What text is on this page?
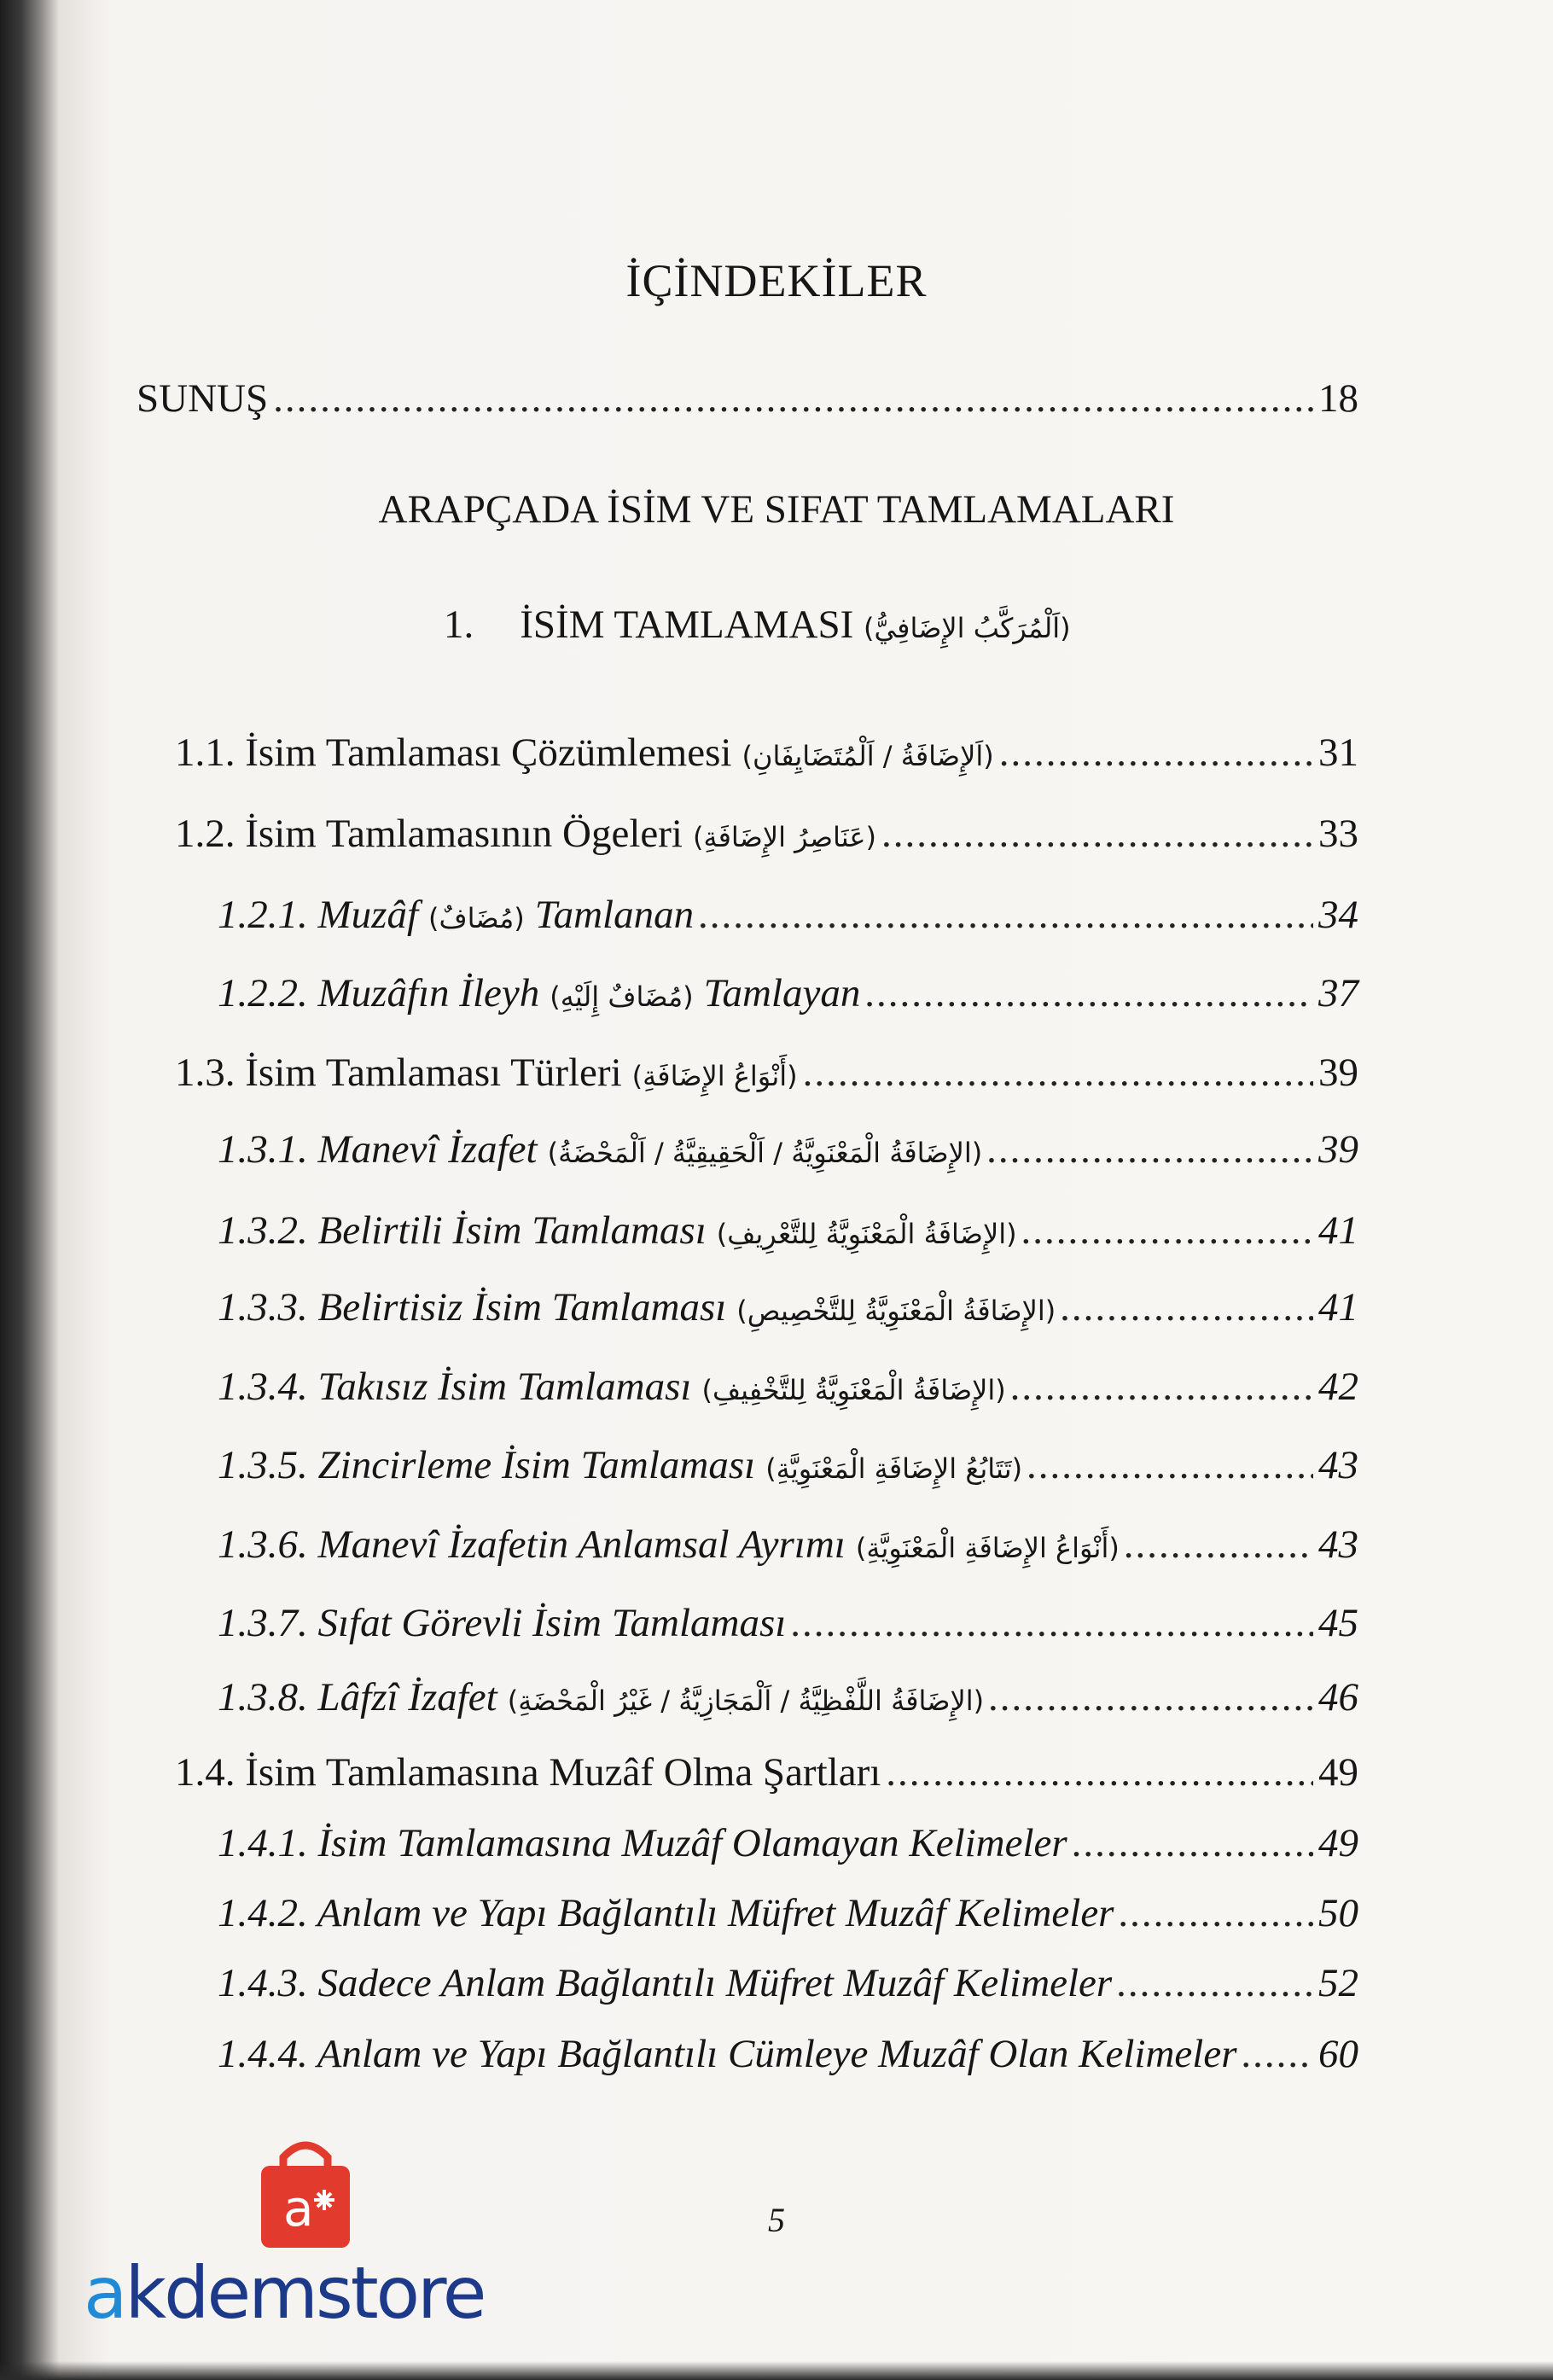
İÇİNDEKİLER
SUNUŞ .....	18
ARAPÇADA İSİM VE SIFAT TAMLAMALARI
1. İSİM TAMLAMASI (اَلْمُرَكَّبُ الإِضَافِيُّ)
1.1. İsim Tamlaması Çözümlemesi (اَلإِضَافَةُ / اَلْمُتَضَايِفَانِ) .....	31
1.2. İsim Tamlamasının Ögeleri (عَنَاصِرُ الإِضَافَةِ) .....	33
1.2.1. Muzâf (مُضَافٌ) Tamlanan .....	34
1.2.2. Muzâfın İleyh (مُضَافٌ إِلَيْهِ) Tamlayan .....	37
1.3. İsim Tamlaması Türleri (أَنْوَاعُ الإِضَافَةِ) .....	39
1.3.1. Manevî İzafet (الإِضَافَةُ الْمَعْنَوِيَّةُ / اَلْحَقِيقِيَّةُ / اَلْمَحْضَةُ) .....	39
1.3.2. Belirtili İsim Tamlaması (الإِضَافَةُ الْمَعْنَوِيَّةُ لِلتَّعْرِيفِ) .....	41
1.3.3. Belirtisiz İsim Tamlaması (الإِضَافَةُ الْمَعْنَوِيَّةُ لِلتَّخْصِيصِ) .....	41
1.3.4. Takısız İsim Tamlaması (الإِضَافَةُ الْمَعْنَوِيَّةُ لِلتَّخْفِيفِ) .....	42
1.3.5. Zincirleme İsim Tamlaması (تَتَابُعُ الإِضَافَةِ الْمَعْنَوِيَّةِ) .....	43
1.3.6. Manevî İzafetin Anlamsal Ayrımı (أَنْوَاعُ الإِضَافَةِ الْمَعْنَوِيَّةِ) .....	43
1.3.7. Sıfat Görevli İsim Tamlaması .....	45
1.3.8. Lâfzî İzafet (الإِضَافَةُ اللَّفْظِيَّةُ / اَلْمَجَازِيَّةُ / غَيْرُ الْمَحْضَةِ) .....	46
1.4. İsim Tamlamasına Muzâf Olma Şartları .....	49
1.4.1. İsim Tamlamasına Muzâf Olamayan Kelimeler .....	49
1.4.2. Anlam ve Yapı Bağlantılı Müfret Muzâf Kelimeler .....	50
1.4.3. Sadece Anlam Bağlantılı Müfret Muzâf Kelimeler .....	52
1.4.4. Anlam ve Yapı Bağlantılı Cümleye Muzâf Olan Kelimeler ..... 60
5
a
akdemstore
